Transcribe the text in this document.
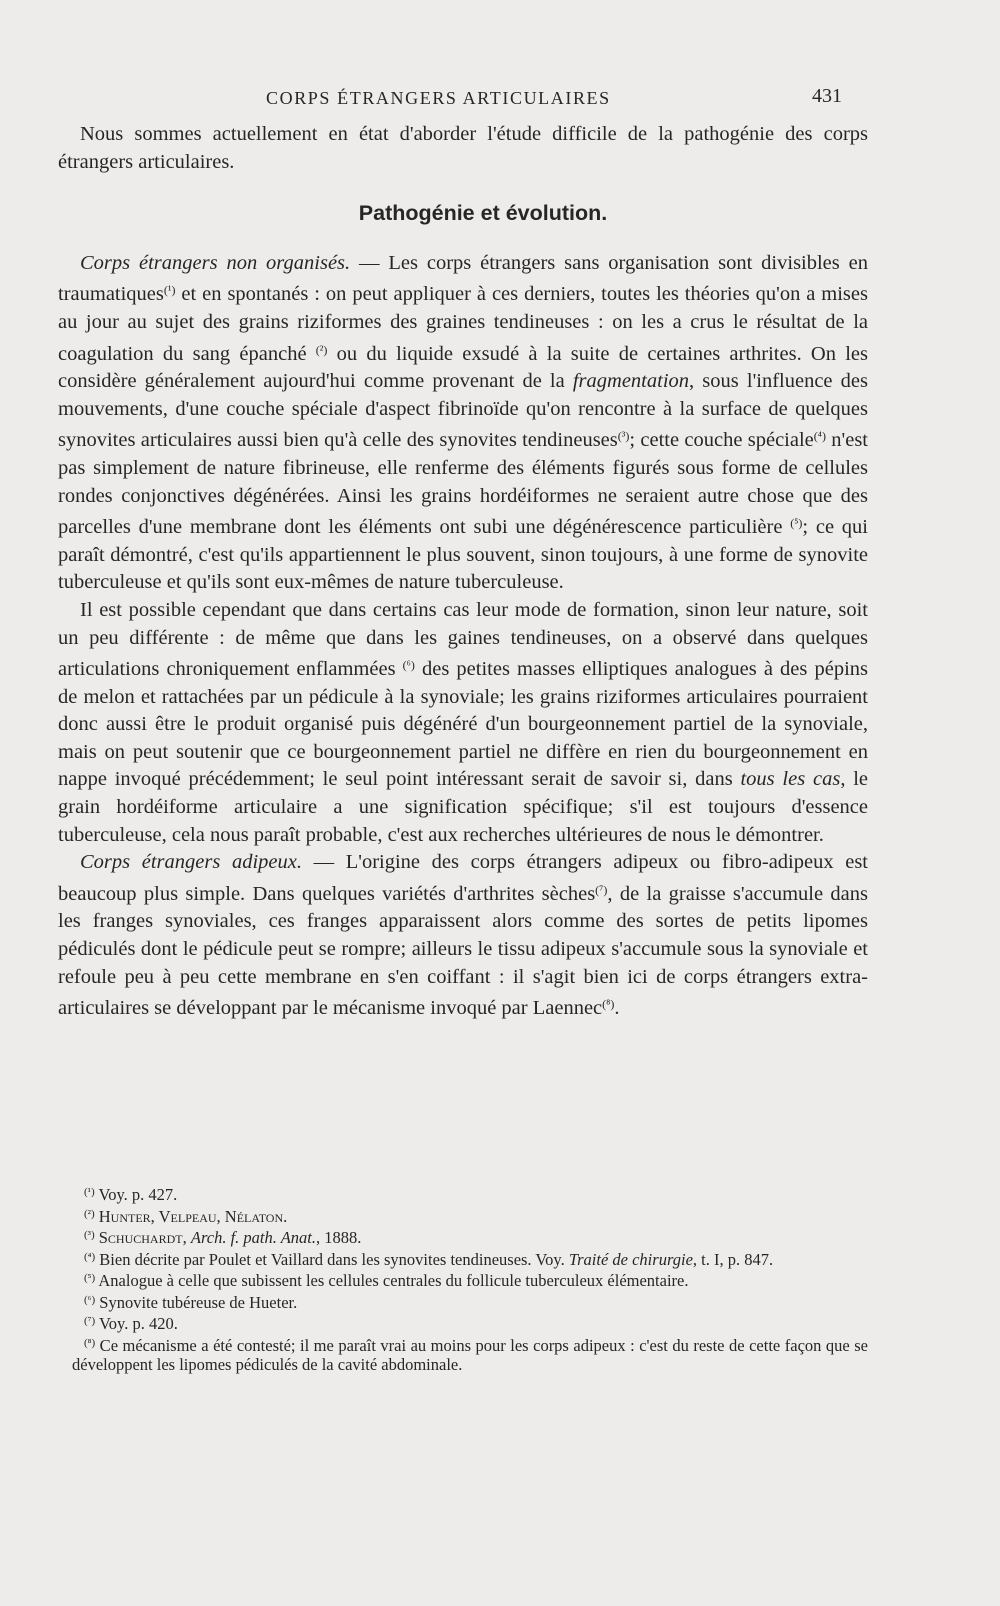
CORPS ÉTRANGERS ARTICULAIRES	431

Nous sommes actuellement en état d'aborder l'étude difficile de la pathogénie des corps étrangers articulaires.

Pathogénie et évolution.

Corps étrangers non organisés. — Les corps étrangers sans organisation sont divisibles en traumatiques$^{(^1)}$ et en spontanés : on peut appliquer à ces derniers, toutes les théories qu'on a mises au jour au sujet des grains riziformes des graines tendineuses : on les a crus le résultat de la coagulation du sang épanché $^{(^2)}$ ou du liquide exsudé à la suite de certaines arthrites. On les considère généralement aujourd'hui comme provenant de la fragmentation, sous l'influence des mouvements, d'une couche spéciale d'aspect fibrinoïde qu'on rencontre à la surface de quelques synovites articulaires aussi bien qu'à celle des synovites tendineuses$^{(^3)}$; cette couche spéciale$^{(^4)}$ n'est pas simplement de nature fibrineuse, elle renferme des éléments figurés sous forme de cellules rondes conjonctives dégénérées. Ainsi les grains hordéiformes ne seraient autre chose que des parcelles d'une membrane dont les éléments ont subi une dégénérescence particulière $^{(^5)}$; ce qui paraît démontré, c'est qu'ils appartiennent le plus souvent, sinon toujours, à une forme de synovite tuberculeuse et qu'ils sont eux-mêmes de nature tuberculeuse.

Il est possible cependant que dans certains cas leur mode de formation, sinon leur nature, soit un peu différente : de même que dans les gaines tendineuses, on a observé dans quelques articulations chroniquement enflammées $^{(^6)}$ des petites masses elliptiques analogues à des pépins de melon et rattachées par un pédicule à la synoviale; les grains riziformes articulaires pourraient donc aussi être le produit organisé puis dégénéré d'un bourgeonnement partiel de la synoviale, mais on peut soutenir que ce bourgeonnement partiel ne diffère en rien du bourgeonnement en nappe invoqué précédemment; le seul point intéressant serait de savoir si, dans tous les cas, le grain hordéiforme articulaire a une signification spécifique; s'il est toujours d'essence tuberculeuse, cela nous paraît probable, c'est aux recherches ultérieures de nous le démontrer.

Corps étrangers adipeux. — L'origine des corps étrangers adipeux ou fibro-adipeux est beaucoup plus simple. Dans quelques variétés d'arthrites sèches$^{(^7)}$, de la graisse s'accumule dans les franges synoviales, ces franges apparaissent alors comme des sortes de petits lipomes pédiculés dont le pédicule peut se rompre; ailleurs le tissu adipeux s'accumule sous la synoviale et refoule peu à peu cette membrane en s'en coiffant : il s'agit bien ici de corps étrangers extra-articulaires se développant par le mécanisme invoqué par Laennec$^{(^8)}$.

$^{(^1)}$ Voy. p. 427.

$^{(^2)}$ Hunter, Velpeau, Nélaton.

$^{(^3)}$ Schuchardt, Arch. f. path. Anat., 1888.

$^{(^4)}$ Bien décrite par Poulet et Vaillard dans les synovites tendineuses. Voy. Traité de chirurgie, t. I, p. 847.

$^{(^5)}$ Analogue à celle que subissent les cellules centrales du follicule tuberculeux élémentaire.

$^{(^6)}$ Synovite tubéreuse de Hueter.

$^{(^7)}$ Voy. p. 420.

$^{(^8)}$ Ce mécanisme a été contesté; il me paraît vrai au moins pour les corps adipeux : c'est du reste de cette façon que se développent les lipomes pédiculés de la cavité abdominale.
